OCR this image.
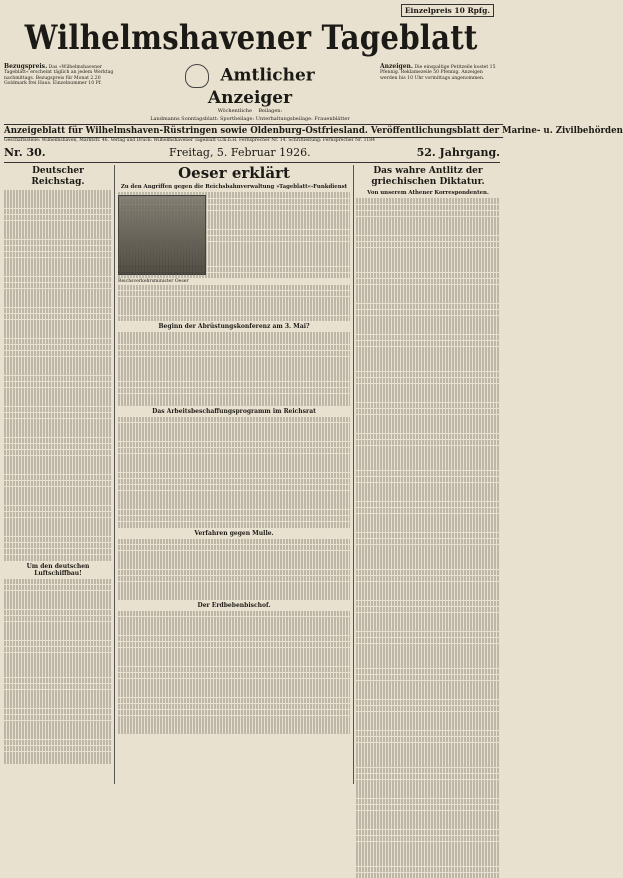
Einzelpreis 10 Rpfg.
Wilhelmshavener Tageblatt
Bezugspreis. Das »Wilhelmshavener Tageblatt« erscheint täglich an jedem Werktag nachmittags. Bezugspreis für Monat 2.20 Goldmark frei Haus. Einzelnummer 10 Pf.	Amtlicher Anzeiger
Wöchentliche Beilagen:
Landmanns Sonntagsblatt: Sportbeilage: Unterhaltungsbeilage: Frauenblätter
Anzeigen. Die einspaltige Petitzeile kostet 15 Pfennig. Reklamezeile 50 Pfennig. Anzeigen werden bis 10 Uhr vormittags angenommen.
Anzeigeblatt für Wilhelmshaven-Rüstringen sowie Oldenburg-Ostfriesland. Veröffentlichungsblatt der Marine- u. Zivilbehörden
Geschäftsstelle: Wilhelmshaven, Marktstr. 46. Verlag und Druck: Wilhelmshavener Tageblatt G.m.b.H. Fernsprecher Nr. 14. Schriftleitung: Fernsprecher Nr. 1184
Nr. 30.	Freitag, 5. Februar 1926.	52. Jahrgang.
Deutscher Reichstag.
Um den deutschen Luftschiffbau!
Oeser erklärt
Zu den Angriffen gegen die Reichsbahnverwaltung »Tageblatt«-Funkdienst
Reichsverkehrsminister Oeser
Beginn der Abrüstungskonferenz am 3. Mai?
Das Arbeitsbeschaffungsprogramm im Reichsrat
Verfahren gegen Mulle.
Der Erdbebenbischof.
Das wahre Antlitz der griechischen Diktatur.
Von unserem Athener Korrespondenten.
